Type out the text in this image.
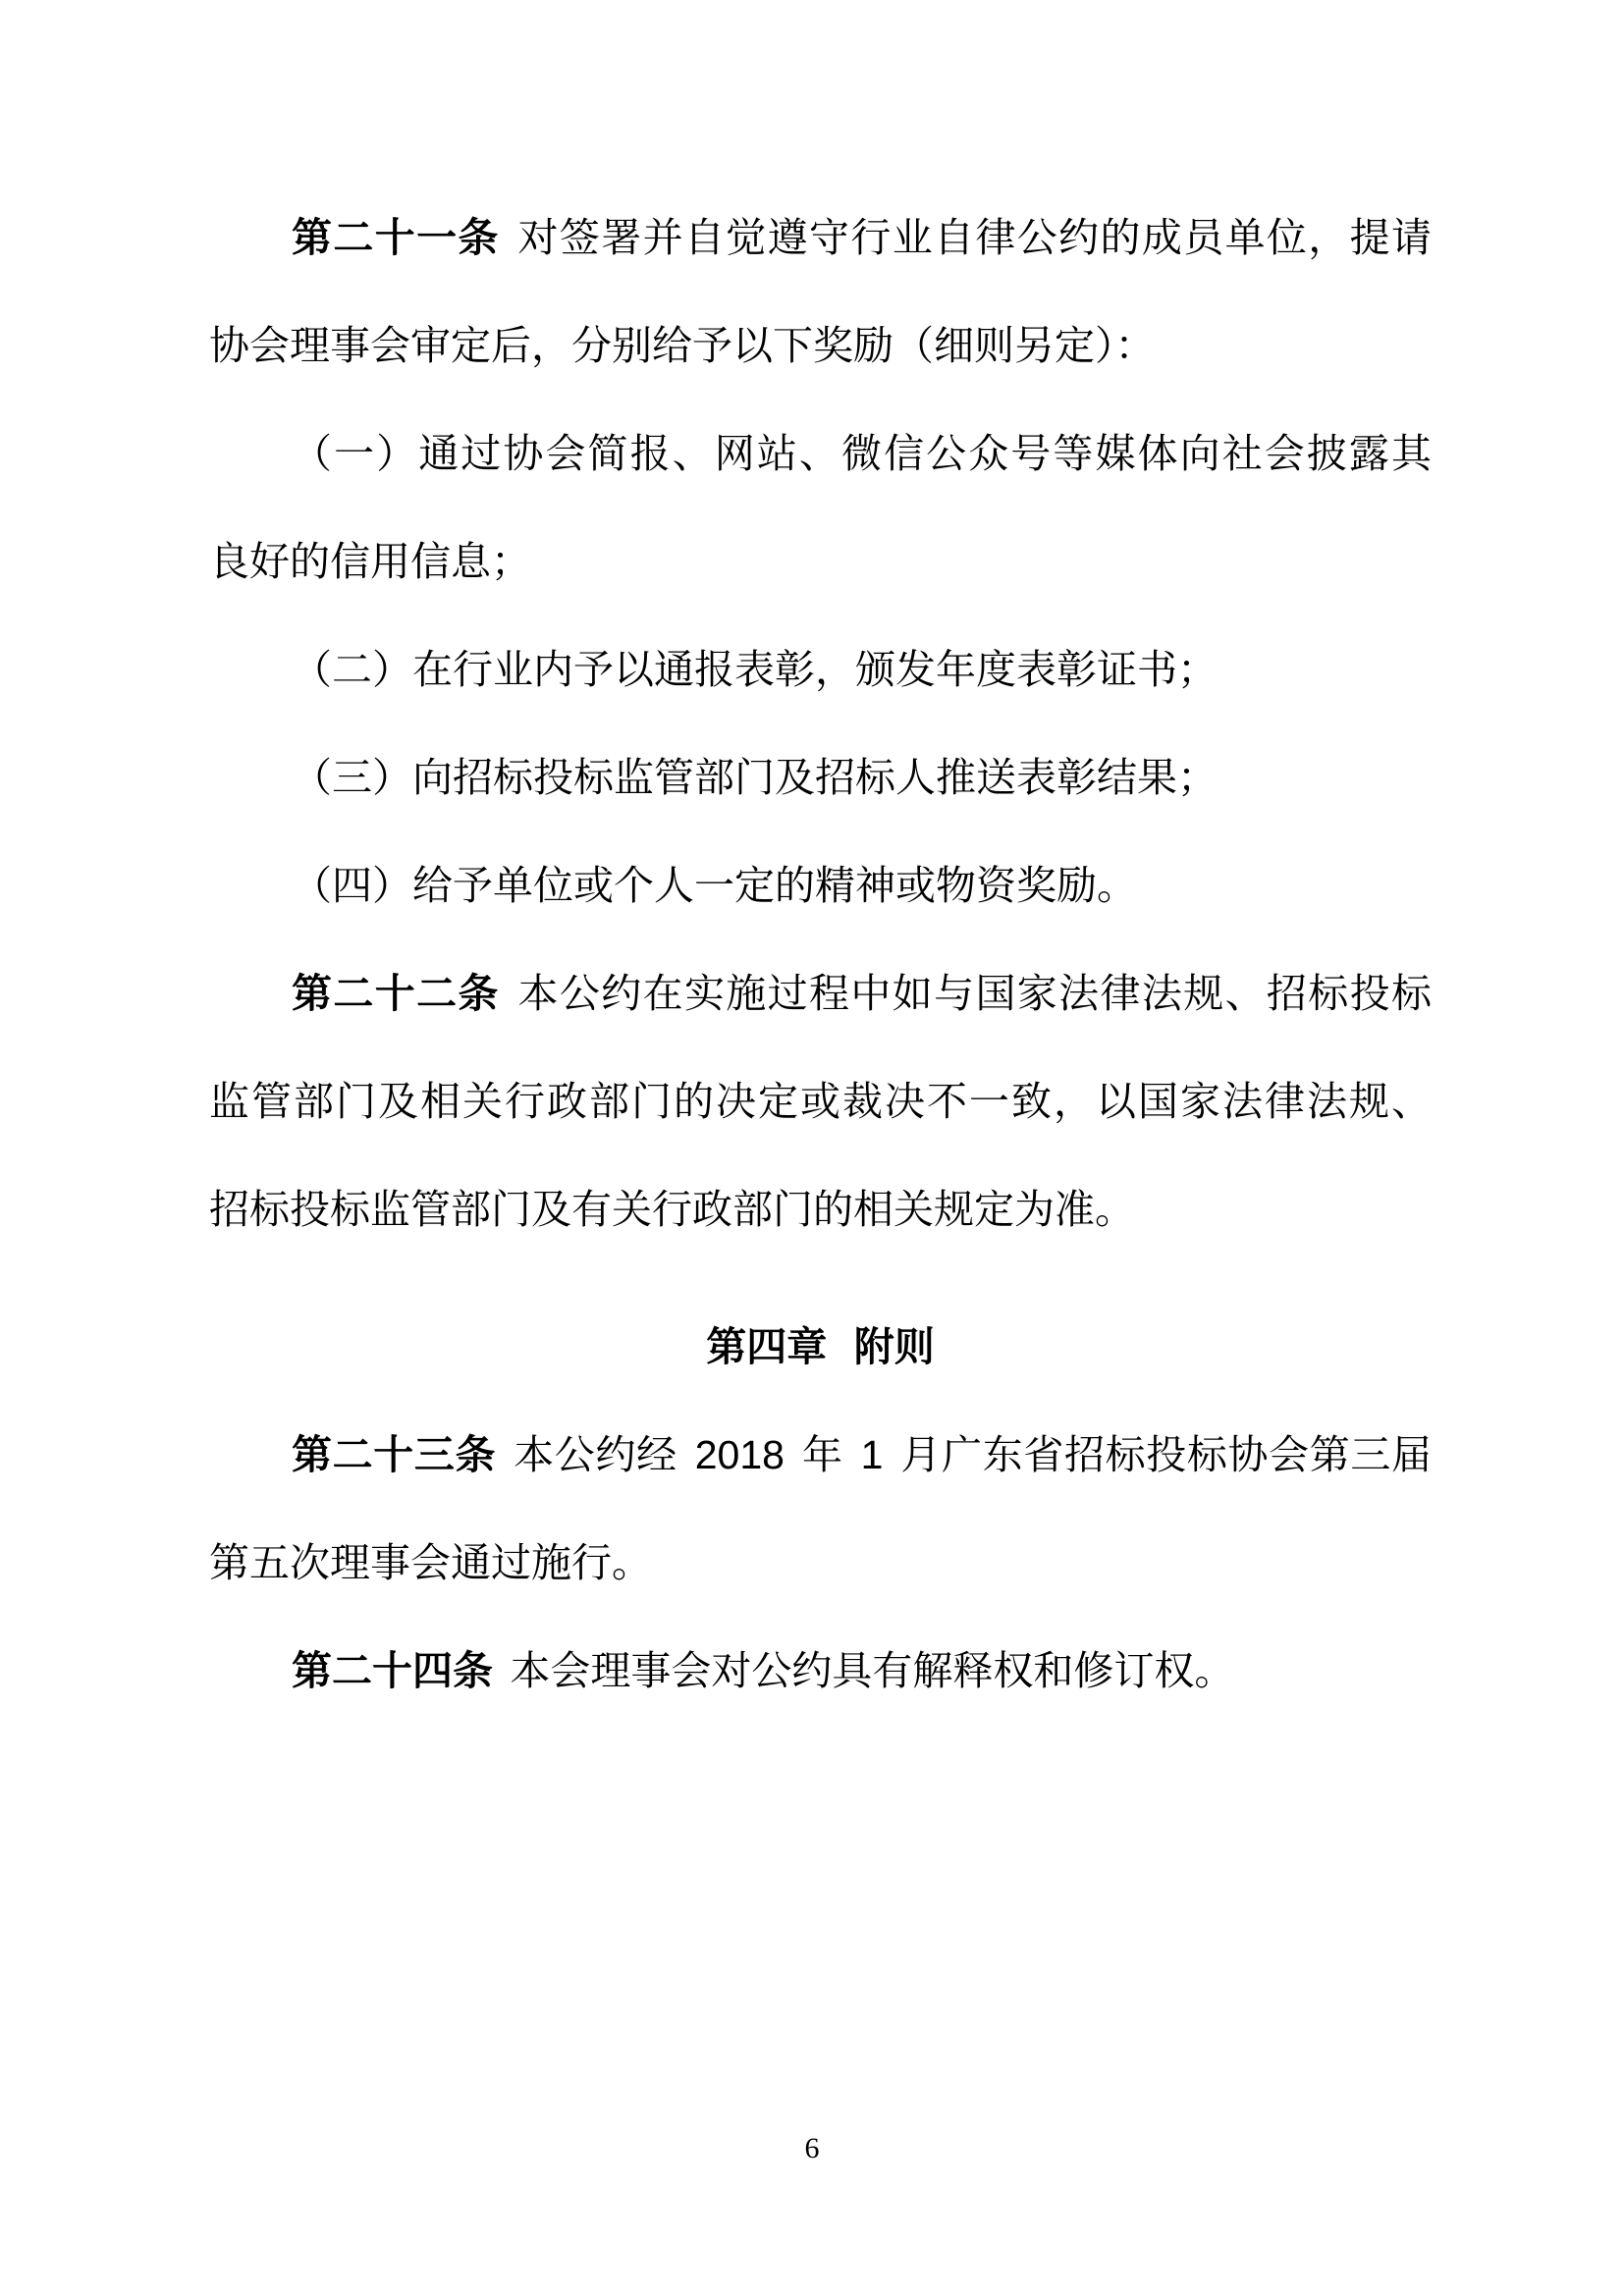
第二十一条 对签署并自觉遵守行业自律公约的成员单位，提请
协会理事会审定后，分别给予以下奖励（细则另定）：
（一）通过协会简报、网站、微信公众号等媒体向社会披露其
良好的信用信息；
（二）在行业内予以通报表彰，颁发年度表彰证书；
（三）向招标投标监管部门及招标人推送表彰结果；
（四）给予单位或个人一定的精神或物资奖励。
第二十二条 本公约在实施过程中如与国家法律法规、招标投标
监管部门及相关行政部门的决定或裁决不一致，以国家法律法规、
招标投标监管部门及有关行政部门的相关规定为准。
第四章 附则
第二十三条 本公约经 2018 年 1 月广东省招标投标协会第三届
第五次理事会通过施行。
第二十四条 本会理事会对公约具有解释权和修订权。
6
